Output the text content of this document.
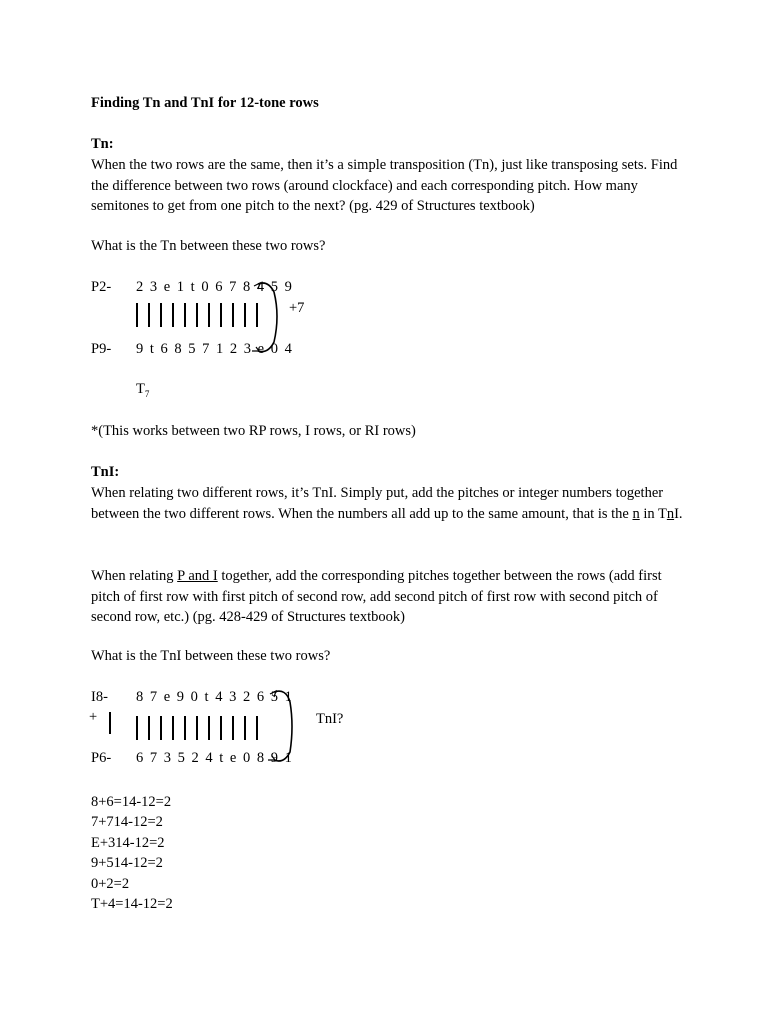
Finding Tn and TnI for 12-tone rows
Tn:
When the two rows are the same, then it’s a simple transposition (Tn), just like transposing sets. Find the difference between two rows (around clockface) and each corresponding pitch. How many semitones to get from one pitch to the next? (pg. 429 of Structures textbook)
What is the Tn between these two rows?
P2- 2 3 e 1 t 0 6 7 8 4 5 9
+7
P9- 9 t 6 8 5 7 1 2 3 e 0 4
$T_7$
*(This works between two RP rows, I rows, or RI rows)
TnI:
When relating two different rows, it’s TnI. Simply put, add the pitches or integer numbers together between the two different rows. When the numbers all add up to the same amount, that is the n in TnI.
When relating P and I together, add the corresponding pitches together between the rows (add first pitch of first row with first pitch of second row, add second pitch of first row with second pitch of second row, etc.) (pg. 428-429 of Structures textbook)
What is the TnI between these two rows?
I8- 8 7 e 9 0 t 4 3 2 6 5 1
+	TnI?
P6- 6 7 3 5 2 4 t e 0 8 9 1
8+6=14-12=2
7+714-12=2
E+314-12=2
9+514-12=2
0+2=2
T+4=14-12=2
